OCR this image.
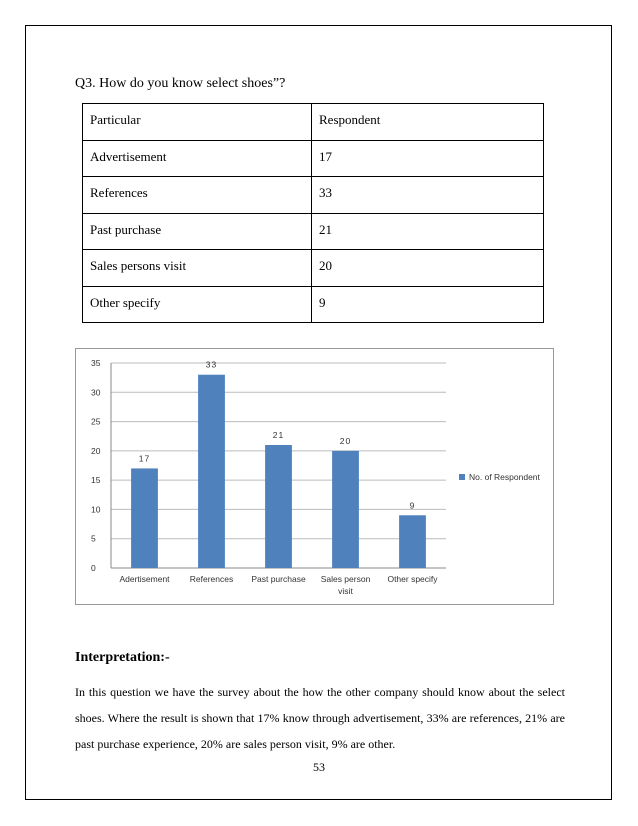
Q3. How do you know select shoes”?
Particular	Respondent
Advertisement	17
References	33
Past purchase	21
Sales persons visit	20
Other specify	9
0
5
10
15
20
25
30
35
17
Adertisement
33
References
21
Past purchase
20
Sales person
visit
9
Other specify
No. of Respondent
Interpretation:-
In this question we have the survey about the how the other company should know about the select shoes. Where the result is shown that 17% know through advertisement, 33% are references, 21% are past purchase experience, 20% are sales person visit, 9% are other.
53
